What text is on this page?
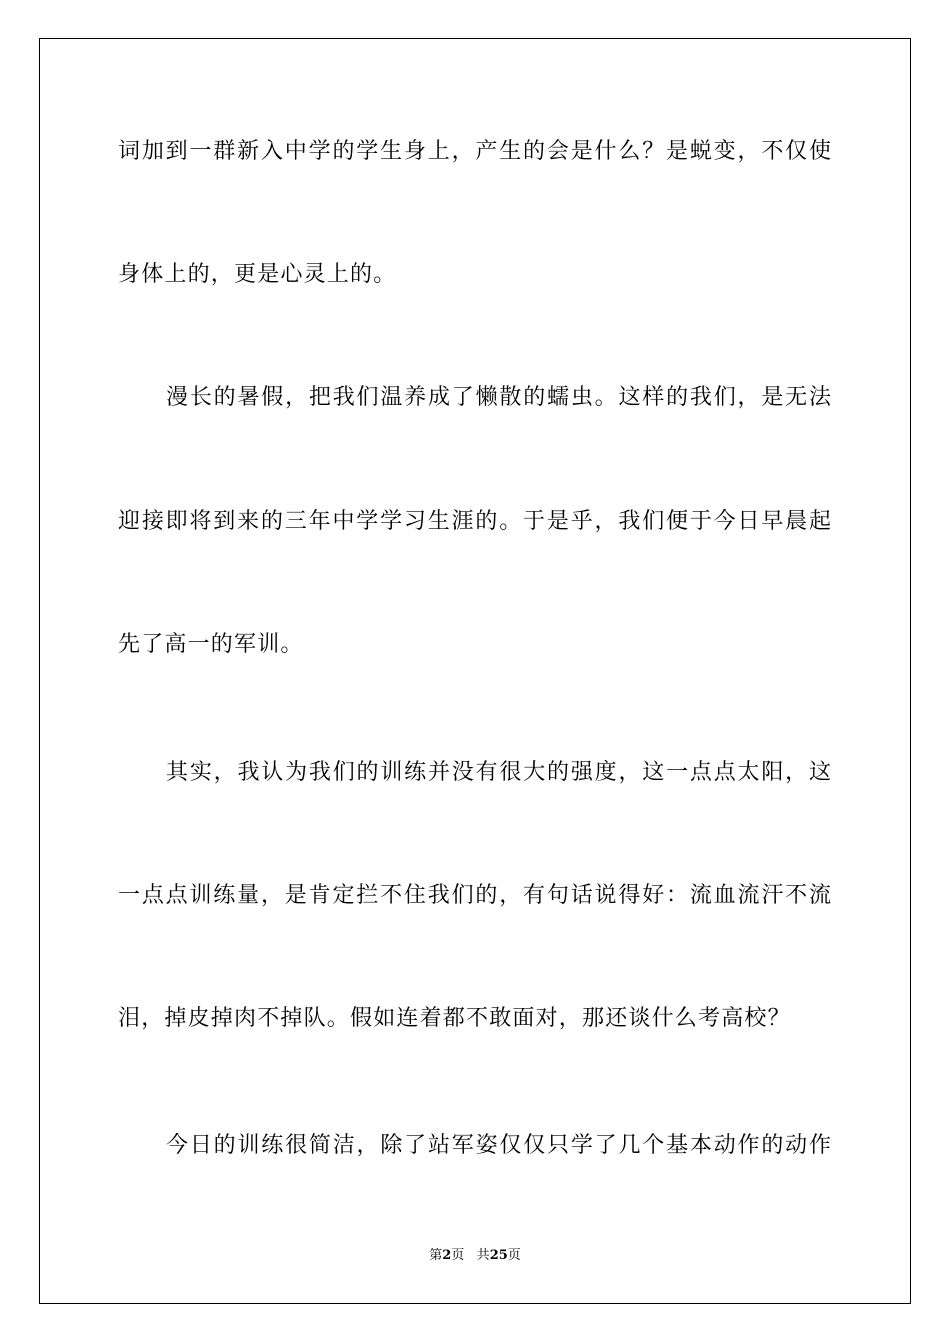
词加到一群新入中学的学生身上，产生的会是什么？是蜕变，不仅使
身体上的，更是心灵上的。
漫长的暑假，把我们温养成了懒散的蠕虫。这样的我们，是无法
迎接即将到来的三年中学学习生涯的。于是乎，我们便于今日早晨起
先了高一的军训。
其实，我认为我们的训练并没有很大的强度，这一点点太阳，这
一点点训练量，是肯定拦不住我们的，有句话说得好：流血流汗不流
泪，掉皮掉肉不掉队。假如连着都不敢面对，那还谈什么考高校？
今日的训练很简洁，除了站军姿仅仅只学了几个基本动作的动作
第2页 共25页
